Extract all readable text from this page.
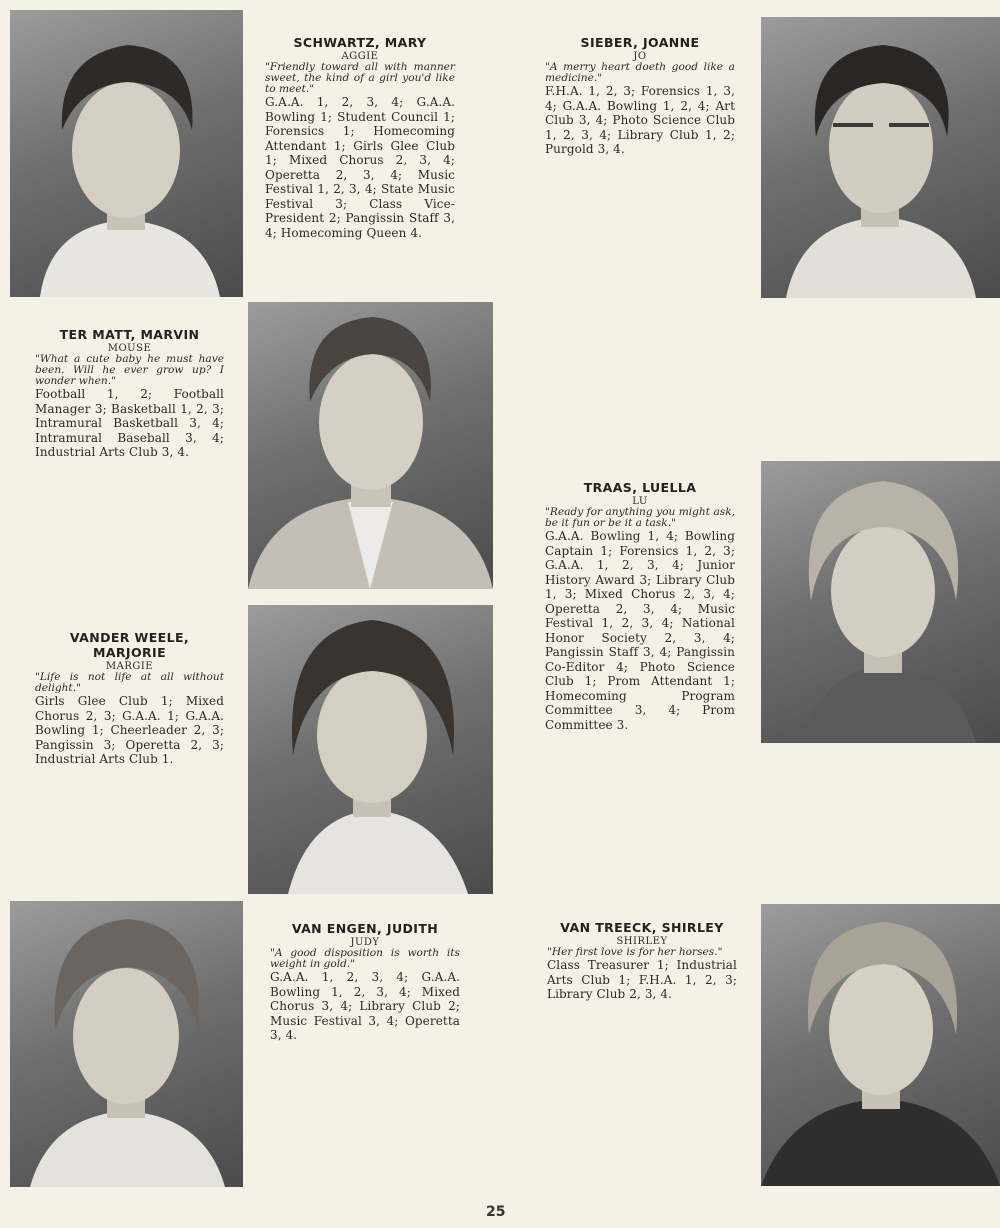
SCHWARTZ, MARY
AGGIE
"Friendly toward all with manner sweet, the kind of a girl you'd like to meet."
G.A.A. 1, 2, 3, 4; G.A.A. Bowling 1; Student Council 1; Forensics 1; Homecoming Attendant 1; Girls Glee Club 1; Mixed Chorus 2, 3, 4; Operetta 2, 3, 4; Music Festival 1, 2, 3, 4; State Music Festival 3; Class Vice-President 2; Pangissin Staff 3, 4; Homecoming Queen 4.
SIEBER, JOANNE
JO
"A merry heart doeth good like a medicine."
F.H.A. 1, 2, 3; Forensics 1, 3, 4; G.A.A. Bowling 1, 2, 4; Art Club 3, 4; Photo Science Club 1, 2, 3, 4; Library Club 1, 2; Purgold 3, 4.
TER MATT, MARVIN
MOUSE
"What a cute baby he must have been. Will he ever grow up? I wonder when."
Football 1, 2; Football Manager 3; Basketball 1, 2, 3; Intramural Basketball 3, 4; Intramural Baseball 3, 4; Industrial Arts Club 3, 4.
TRAAS, LUELLA
LU
"Ready for anything you might ask, be it fun or be it a task."
G.A.A. Bowling 1, 4; Bowling Captain 1; Forensics 1, 2, 3; G.A.A. 1, 2, 3, 4; Junior History Award 3; Library Club 1, 3; Mixed Chorus 2, 3, 4; Operetta 2, 3, 4; Music Festival 1, 2, 3, 4; National Honor Society 2, 3, 4; Pangissin Staff 3, 4; Pangissin Co-Editor 4; Photo Science Club 1; Prom Attendant 1; Homecoming Program Committee 3, 4; Prom Committee 3.
VANDER WEELE, MARJORIE
MARGIE
"Life is not life at all without delight."
Girls Glee Club 1; Mixed Chorus 2, 3; G.A.A. 1; G.A.A. Bowling 1; Cheerleader 2, 3; Pangissin 3; Operetta 2, 3; Industrial Arts Club 1.
VAN ENGEN, JUDITH
JUDY
"A good disposition is worth its weight in gold."
G.A.A. 1, 2, 3, 4; G.A.A. Bowling 1, 2, 3, 4; Mixed Chorus 3, 4; Library Club 2; Music Festival 3, 4; Operetta 3, 4.
VAN TREECK, SHIRLEY
SHIRLEY
"Her first love is for her horses."
Class Treasurer 1; Industrial Arts Club 1; F.H.A. 1, 2, 3; Library Club 2, 3, 4.
25
